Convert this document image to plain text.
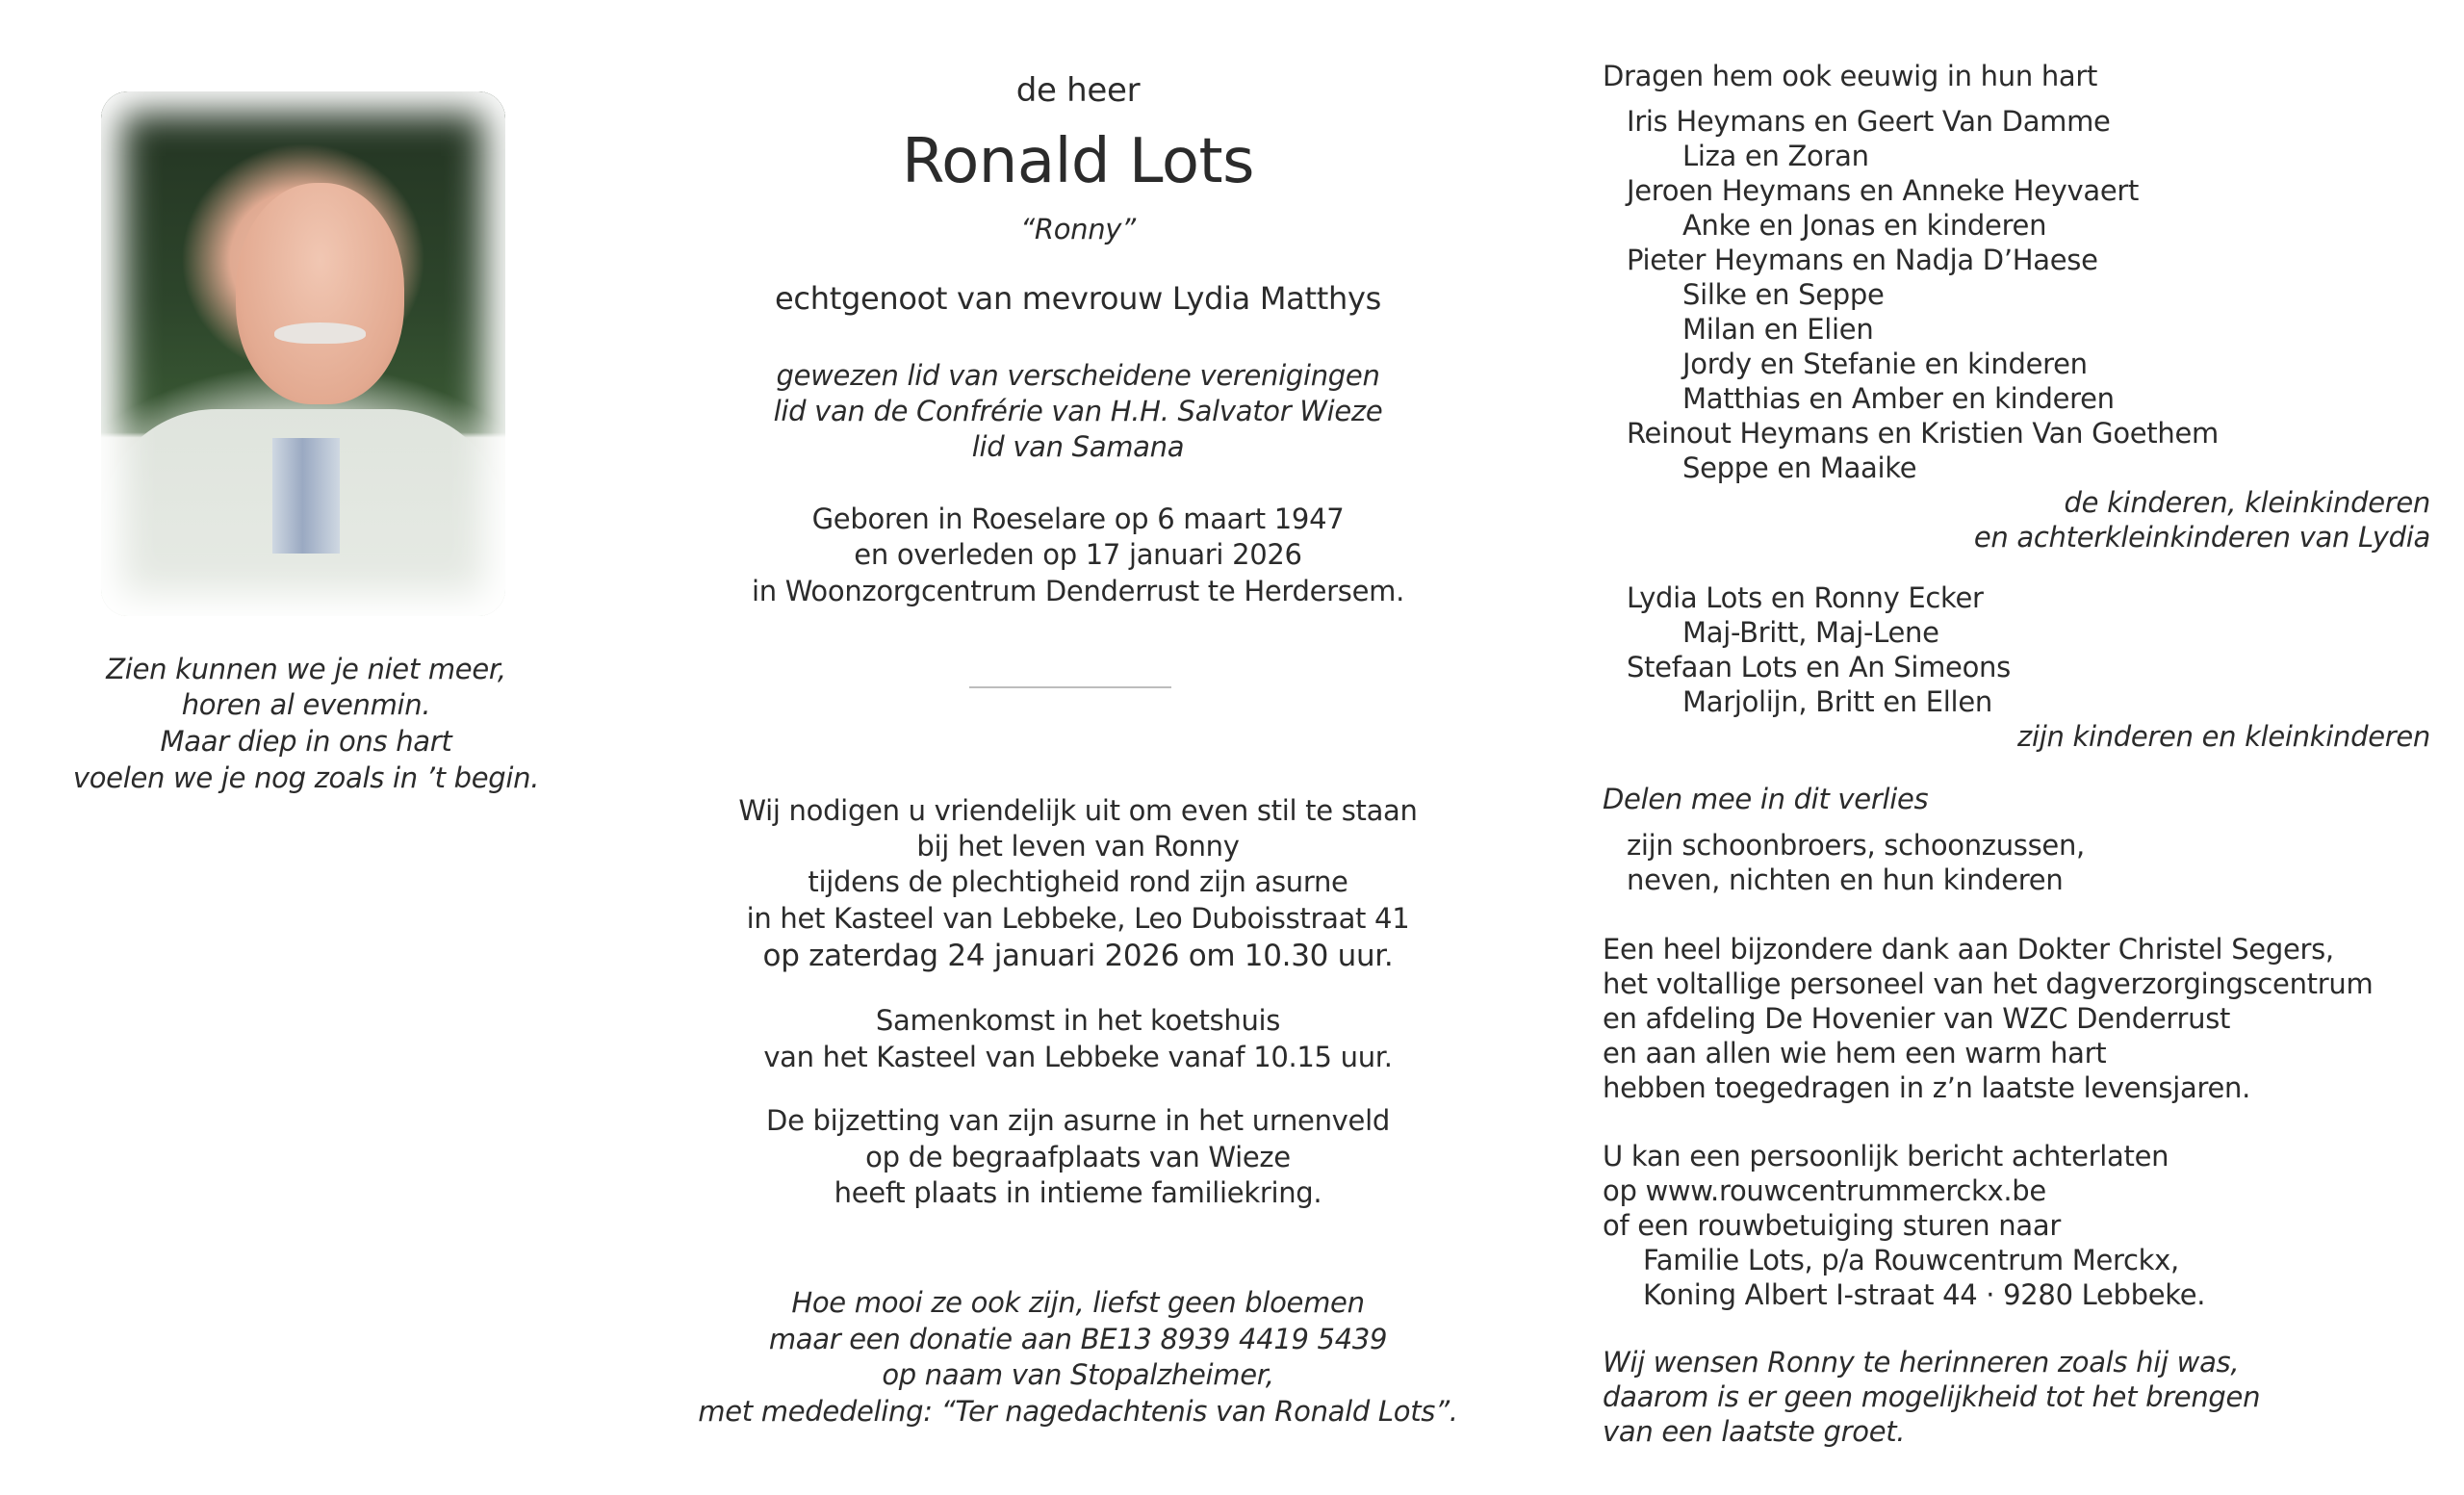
Zien kunnen we je niet meer,
horen al evenmin.
Maar diep in ons hart
voelen we je nog zoals in ’t begin.
de heer
Ronald Lots
“Ronny”
echtgenoot van mevrouw Lydia Matthys
gewezen lid van verscheidene verenigingen
lid van de Confrérie van H.H. Salvator Wieze
lid van Samana
Geboren in Roeselare op 6 maart 1947
en overleden op 17 januari 2026
in Woonzorgcentrum Denderrust te Herdersem.
Wij nodigen u vriendelijk uit om even stil te staan
bij het leven van Ronny
tijdens de plechtigheid rond zijn asurne
in het Kasteel van Lebbeke, Leo Duboisstraat 41
op zaterdag 24 januari 2026 om 10.30 uur.
Samenkomst in het koetshuis
van het Kasteel van Lebbeke vanaf 10.15 uur.
De bijzetting van zijn asurne in het urnenveld
op de begraafplaats van Wieze
heeft plaats in intieme familiekring.
Hoe mooi ze ook zijn, liefst geen bloemen
maar een donatie aan BE13 8939 4419 5439
op naam van Stopalzheimer,
met mededeling: “Ter nagedachtenis van Ronald Lots”.
Dragen hem ook eeuwig in hun hart
Iris Heymans en Geert Van Damme
Liza en Zoran
Jeroen Heymans en Anneke Heyvaert
Anke en Jonas en kinderen
Pieter Heymans en Nadja D’Haese
Silke en Seppe
Milan en Elien
Jordy en Stefanie en kinderen
Matthias en Amber en kinderen
Reinout Heymans en Kristien Van Goethem
Seppe en Maaike
de kinderen, kleinkinderen
en achterkleinkinderen van Lydia
Lydia Lots en Ronny Ecker
Maj-Britt, Maj-Lene
Stefaan Lots en An Simeons
Marjolijn, Britt en Ellen
zijn kinderen en kleinkinderen
Delen mee in dit verlies
zijn schoonbroers, schoonzussen,
neven, nichten en hun kinderen
Een heel bijzondere dank aan Dokter Christel Segers,
het voltallige personeel van het dagverzorgingscentrum
en afdeling De Hovenier van WZC Denderrust
en aan allen wie hem een warm hart
hebben toegedragen in z’n laatste levensjaren.
U kan een persoonlijk bericht achterlaten
op www.rouwcentrummerckx.be
of een rouwbetuiging sturen naar
Familie Lots, p/a Rouwcentrum Merckx,
Koning Albert I-straat 44 · 9280 Lebbeke.
Wij wensen Ronny te herinneren zoals hij was,
daarom is er geen mogelijkheid tot het brengen
van een laatste groet.
